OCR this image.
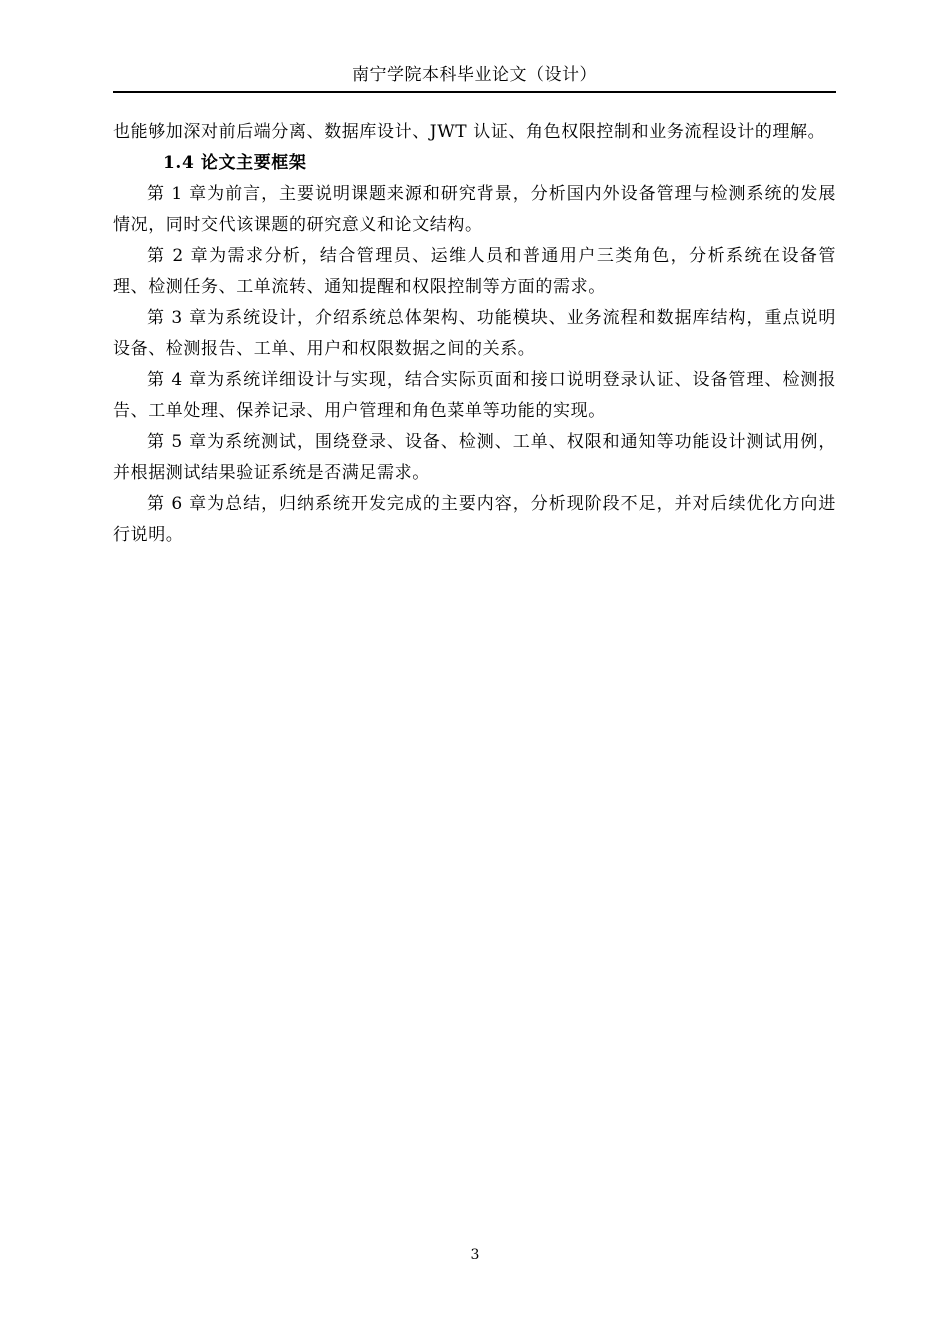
南宁学院本科毕业论文（设计）

也能够加深对前后端分离、数据库设计、JWT 认证、角色权限控制和业务流程设计的理解。

1.4 论文主要框架

第 1 章为前言，主要说明课题来源和研究背景，分析国内外设备管理与检测系统的发展情况，同时交代该课题的研究意义和论文结构。

第 2 章为需求分析，结合管理员、运维人员和普通用户三类角色，分析系统在设备管理、检测任务、工单流转、通知提醒和权限控制等方面的需求。

第 3 章为系统设计，介绍系统总体架构、功能模块、业务流程和数据库结构，重点说明设备、检测报告、工单、用户和权限数据之间的关系。

第 4 章为系统详细设计与实现，结合实际页面和接口说明登录认证、设备管理、检测报告、工单处理、保养记录、用户管理和角色菜单等功能的实现。

第 5 章为系统测试，围绕登录、设备、检测、工单、权限和通知等功能设计测试用例，并根据测试结果验证系统是否满足需求。

第 6 章为总结，归纳系统开发完成的主要内容，分析现阶段不足，并对后续优化方向进行说明。

3
